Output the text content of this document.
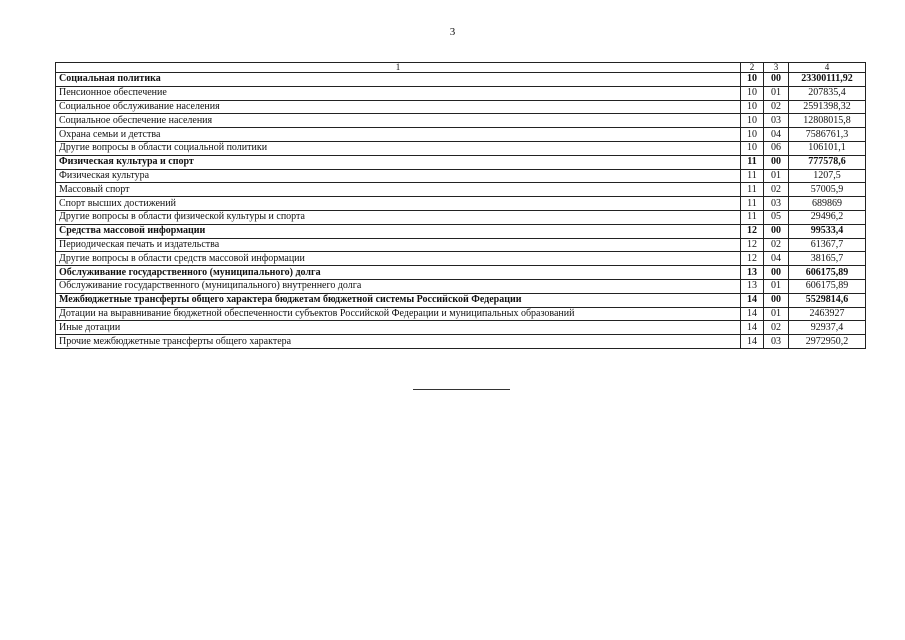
3
1	2	3	4
Социальная политика	10	00	23300111,92
Пенсионное обеспечение	10	01	207835,4
Социальное обслуживание населения	10	02	2591398,32
Социальное обеспечение населения	10	03	12808015,8
Охрана семьи и детства	10	04	7586761,3
Другие вопросы в области социальной политики	10	06	106101,1
Физическая культура и спорт	11	00	777578,6
Физическая культура	11	01	1207,5
Массовый спорт	11	02	57005,9
Спорт высших достижений	11	03	689869
Другие вопросы в области физической культуры и спорта	11	05	29496,2
Средства массовой информации	12	00	99533,4
Периодическая печать и издательства	12	02	61367,7
Другие вопросы в области средств массовой информации	12	04	38165,7
Обслуживание государственного (муниципального) долга	13	00	606175,89
Обслуживание государственного (муниципального) внутреннего долга	13	01	606175,89
Межбюджетные трансферты общего характера бюджетам бюджетной системы Российской Федерации	14	00	5529814,6
Дотации на выравнивание бюджетной обеспеченности субъектов Российской Федерации и муниципальных образований	14	01	2463927
Иные дотации	14	02	92937,4
Прочие межбюджетные трансферты общего характера	14	03	2972950,2
